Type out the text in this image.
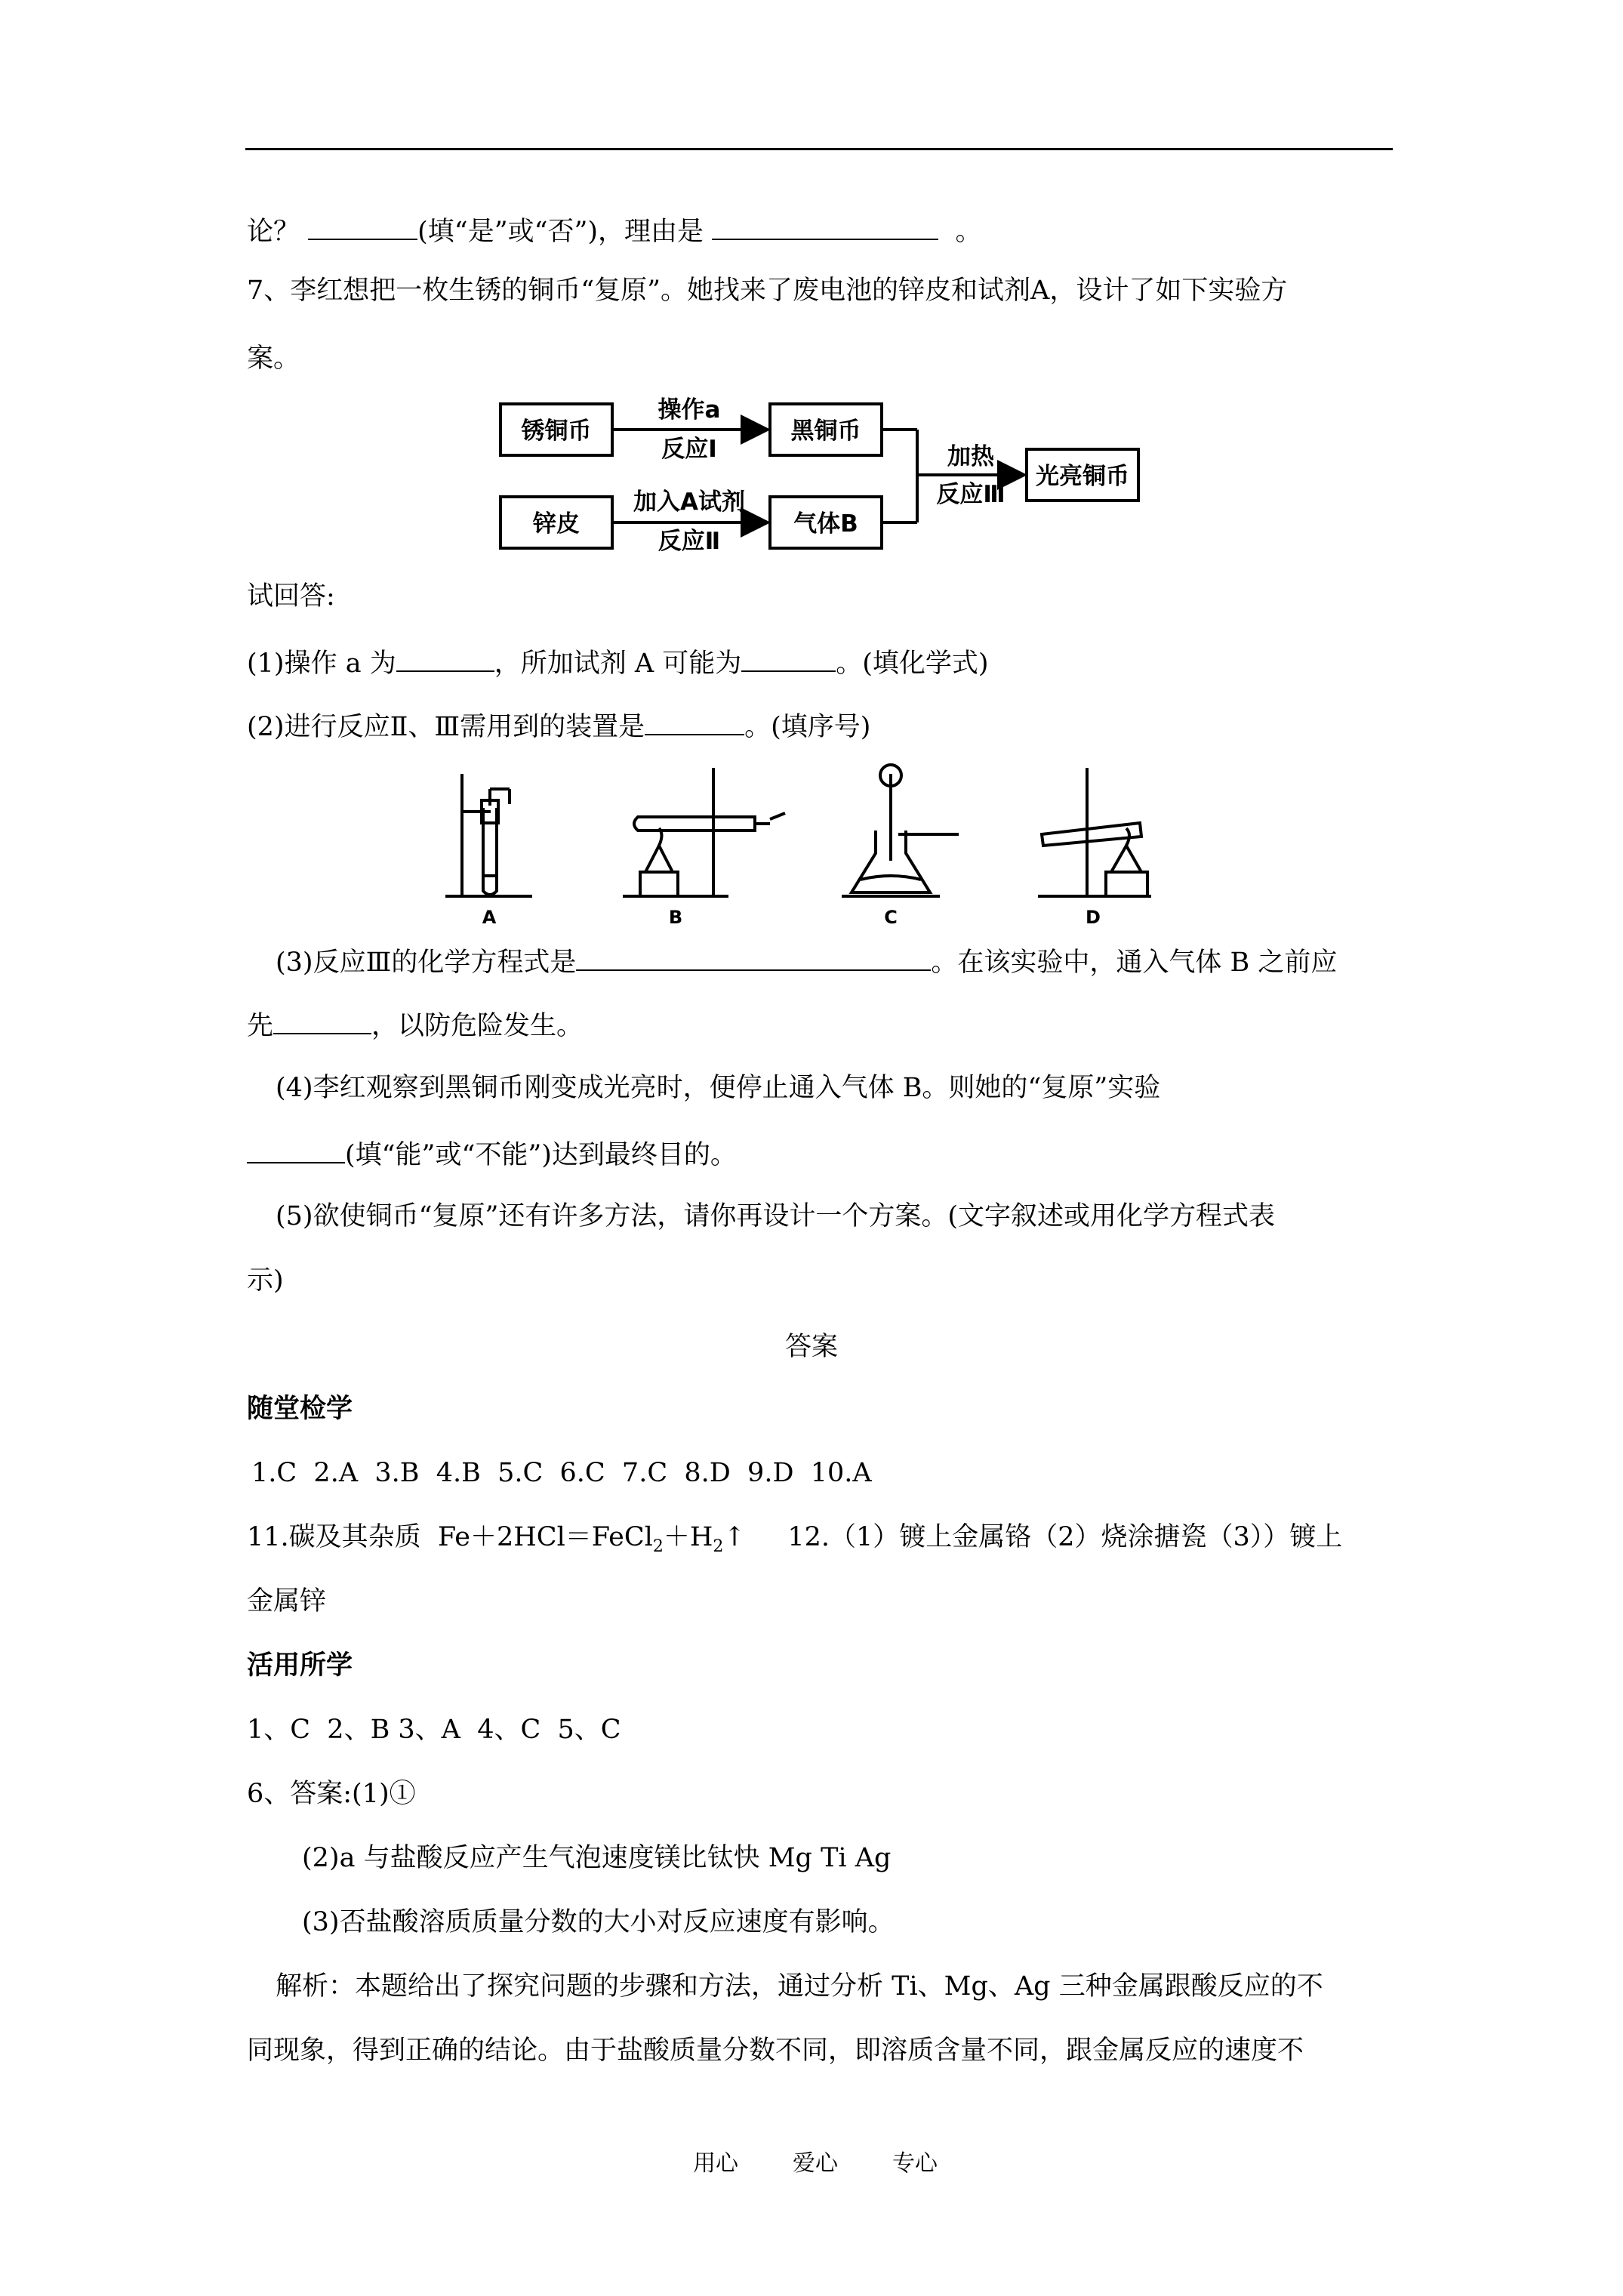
论？	(填“是”或“否”)，理由是	。
7、李红想把一枚生锈的铜币“复原”。她找来了废电池的锌皮和试剂A，设计了如下实验方
案。
锈铜币	黑铜币
锌皮	气体B
光亮铜币
操作a
反应Ⅰ
加入A试剂
反应Ⅱ
加热
反应Ⅲ
试回答:
(1)操作 a 为	，所加试剂 A 可能为	。(填化学式)
(2)进行反应Ⅱ、Ⅲ需用到的装置是	。(填序号)
A	B	C	D
(3)反应Ⅲ的化学方程式是	。在该实验中，通入气体 B 之前应
先	，以防危险发生。
(4)李红观察到黑铜币刚变成光亮时，便停止通入气体 B。则她的“复原”实验
(填“能”或“不能”)达到最终目的。
(5)欲使铜币“复原”还有许多方法，请你再设计一个方案。(文字叙述或用化学方程式表
示)
答案
随堂检学
1.C  2.A  3.B  4.B  5.C  6.C  7.C  8.D  9.D  10.A
11.碳及其杂质  $Fe+2HCl=FeCl_2+H_2↑$     12.（1）镀上金属铬（2）烧涂搪瓷（3））镀上
金属锌
活用所学
1、C  2、B 3、A  4、C  5、C
6、答案:(1)①
(2)a 与盐酸反应产生气泡速度镁比钛快 Mg Ti Ag
(3)否盐酸溶质质量分数的大小对反应速度有影响。
解析：本题给出了探究问题的步骤和方法，通过分析 Ti、Mg、Ag 三种金属跟酸反应的不
同现象，得到正确的结论。由于盐酸质量分数不同，即溶质含量不同，跟金属反应的速度不
用心 爱心 专心
